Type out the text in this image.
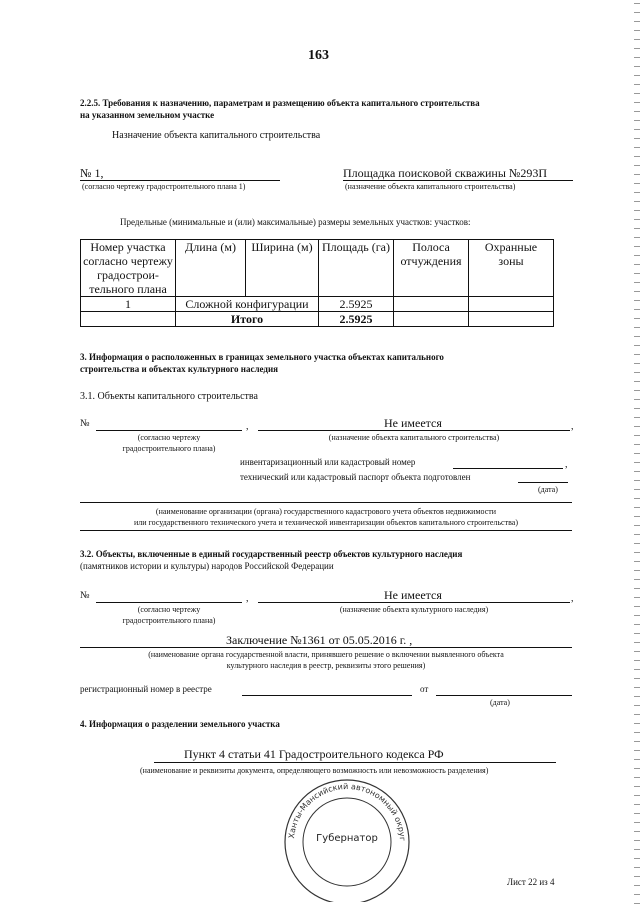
163
2.2.5. Требования к назначению, параметрам и размещению объекта капитального строительства
на указанном земельном участке
Назначение объекта капитального строительства
№ 1,
(согласно чертежу градостроительного плана 1)
Площадка поисковой скважины №293П
(назначение объекта капитального строительства)
Предельные (минимальные и (или) максимальные) размеры земельных участков: участков:
Номер участка согласно чертежу градострои-тельного плана	Длина (м)	Ширина (м)	Площадь (га)	Полоса отчуждения	Охранные зоны
1	Сложной конфигурации		2.5925		
	Итого		2.5925		
3. Информация о расположенных в границах земельного участка объектах капитального
строительства и объектах культурного наследия
3.1. Объекты капитального строительства
№	,	Не имеется	,
(согласно чертежу
градостроительного плана)
(назначение объекта капитального строительства)
инвентаризационный или кадастровый номер	,
технический или кадастровый паспорт объекта подготовлен
(дата)
(наименование организации (органа) государственного кадастрового учета объектов недвижимости
или государственного технического учета и технической инвентаризации объектов капитального строительства)
3.2. Объекты, включенные в единый государственный реестр объектов культурного наследия
(памятников истории и культуры) народов Российской Федерации
№	,	Не имеется	,
(согласно чертежу
градостроительного плана)
(назначение объекта культурного наследия)
Заключение №1361 от 05.05.2016 г. ,
(наименование органа государственной власти, принявшего решение о включении выявленного объекта
культурного наследия в реестр, реквизиты этого решения)
регистрационный номер в реестре	от
(дата)
4. Информация о разделении земельного участка
Пункт 4 статьи 41 Градостроительного кодекса РФ
(наименование и реквизиты документа, определяющего возможность или невозможность разделения)
Ханты-Мансийский автономный округ
Губернатор
Лист 22 из 4
